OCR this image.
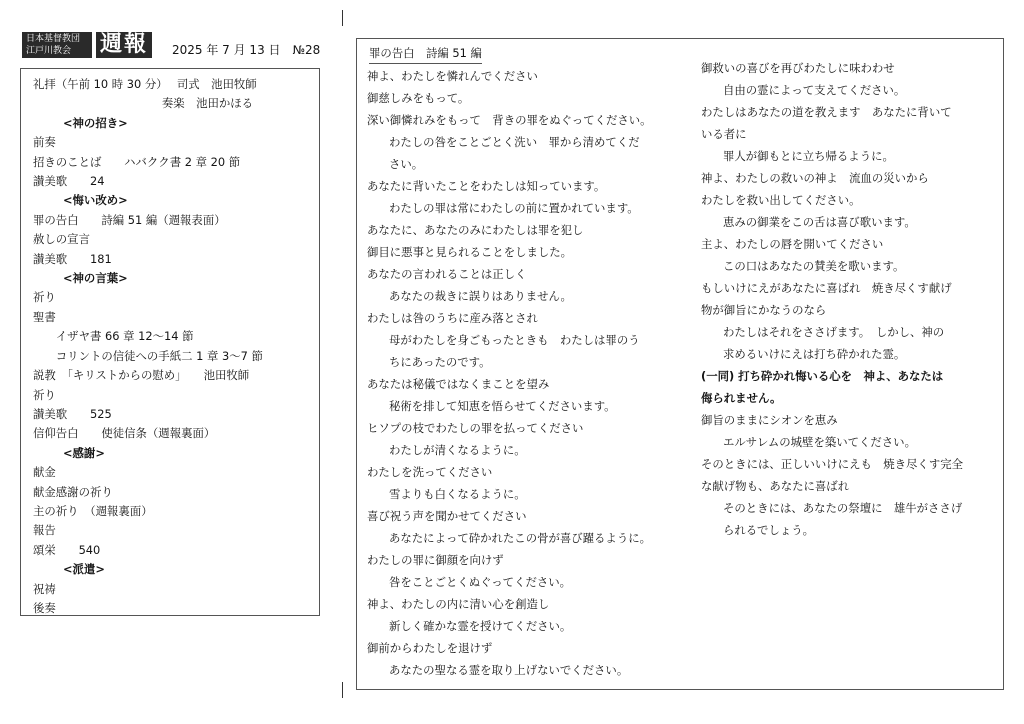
日本基督教団
江戸川教会	週報	2025 年 7 月 13 日　№28
礼拝（午前 10 時 30 分）　 司式　池田牧師
　　　　　　　　　　　 奏楽　池田かほる
<神の招き>
前奏
招きのことば　　ハバクク書 2 章 20 節
讃美歌　　24
<悔い改め>
罪の告白　　詩編 51 編（週報表面）
赦しの宣言
讃美歌　　181
<神の言葉>
祈り
聖書
　　イザヤ書 66 章 12～14 節
　　コリントの信徒への手紙二 1 章 3～7 節
説教　「キリストからの慰め」　　池田牧師
祈り
讃美歌　　525
信仰告白　　使徒信条（週報裏面）
<感謝>
献金
献金感謝の祈り
主の祈り　（週報裏面）
報告
頌栄　　540
<派遣>
祝祷
後奏
罪の告白　詩編 51 編
神よ、わたしを憐れんでください
御慈しみをもって。
深い御憐れみをもって　背きの罪をぬぐってください。
わたしの咎をことごとく洗い　罪から清めてくだ
さい。
あなたに背いたことをわたしは知っています。
わたしの罪は常にわたしの前に置かれています。
あなたに、あなたのみにわたしは罪を犯し
御目に悪事と見られることをしました。
あなたの言われることは正しく
あなたの裁きに誤りはありません。
わたしは咎のうちに産み落とされ
母がわたしを身ごもったときも　わたしは罪のう
ちにあったのです。
あなたは秘儀ではなくまことを望み
秘術を排して知恵を悟らせてくださいます。
ヒソプの枝でわたしの罪を払ってください
わたしが清くなるように。
わたしを洗ってください
雪よりも白くなるように。
喜び祝う声を聞かせてください
あなたによって砕かれたこの骨が喜び躍るように。
わたしの罪に御顔を向けず
咎をことごとくぬぐってください。
神よ、わたしの内に清い心を創造し
新しく確かな霊を授けてください。
御前からわたしを退けず
あなたの聖なる霊を取り上げないでください。
御救いの喜びを再びわたしに味わわせ
自由の霊によって支えてください。
わたしはあなたの道を教えます　あなたに背いて
いる者に
罪人が御もとに立ち帰るように。
神よ、わたしの救いの神よ　流血の災いから
わたしを救い出してください。
恵みの御業をこの舌は喜び歌います。
主よ、わたしの唇を開いてください
この口はあなたの賛美を歌います。
もしいけにえがあなたに喜ばれ　焼き尽くす献げ
物が御旨にかなうのなら
わたしはそれをささげます。　しかし、神の
求めるいけにえは打ち砕かれた霊。
(一同) 打ち砕かれ悔いる心を　神よ、あなたは
侮られません。
御旨のままにシオンを恵み
エルサレムの城壁を築いてください。
そのときには、正しいいけにえも　焼き尽くす完全
な献げ物も、あなたに喜ばれ
そのときには、あなたの祭壇に　雄牛がささげ
られるでしょう。
